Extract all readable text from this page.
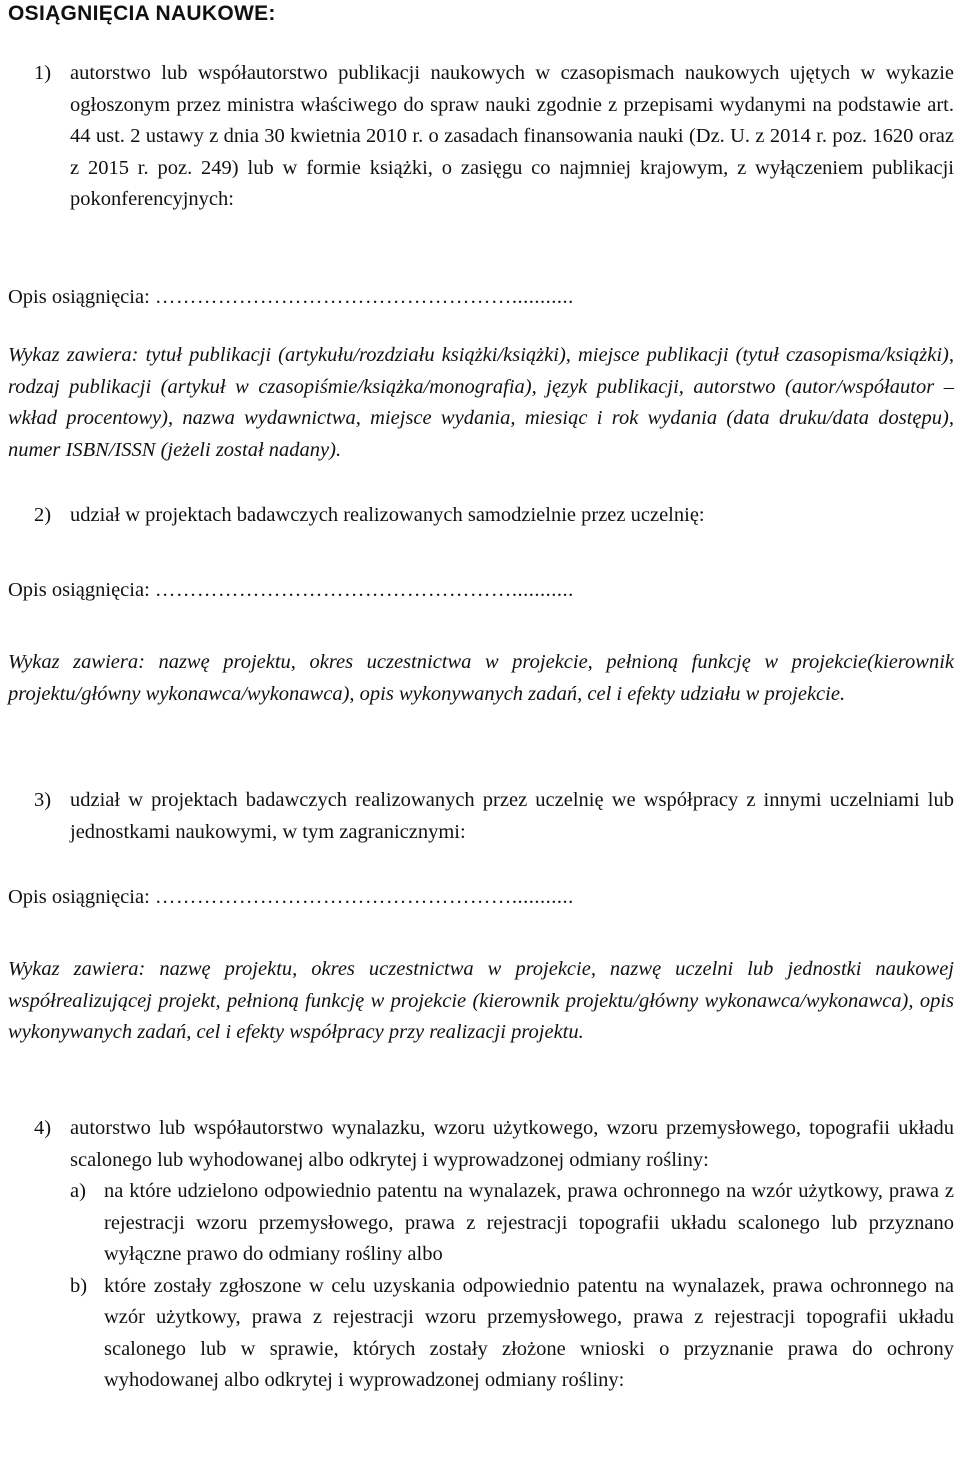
OSIĄGNIĘCIA NAUKOWE:
1) autorstwo lub współautorstwo publikacji naukowych w czasopismach naukowych ujętych w wykazie ogłoszonym przez ministra właściwego do spraw nauki zgodnie z przepisami wydanymi na podstawie art. 44 ust. 2 ustawy z dnia 30 kwietnia 2010 r. o zasadach finansowania nauki (Dz. U. z 2014 r. poz. 1620 oraz z 2015 r. poz. 249) lub w formie książki, o zasięgu co najmniej krajowym, z wyłączeniem publikacji pokonferencyjnych:
Opis osiągnięcia: ……………………………………………...........
Wykaz zawiera: tytuł publikacji (artykułu/rozdziału książki/książki), miejsce publikacji (tytuł czasopisma/książki), rodzaj publikacji (artykuł w czasopiśmie/książka/monografia), język publikacji, autorstwo (autor/współautor – wkład procentowy), nazwa wydawnictwa, miejsce wydania, miesiąc i rok wydania (data druku/data dostępu), numer ISBN/ISSN (jeżeli został nadany).
2) udział w projektach badawczych realizowanych samodzielnie przez uczelnię:
Opis osiągnięcia: ……………………………………………...........
Wykaz zawiera: nazwę projektu, okres uczestnictwa w projekcie, pełnioną funkcję w projekcie(kierownik projektu/główny wykonawca/wykonawca), opis wykonywanych zadań, cel i efekty udziału w projekcie.
3) udział w projektach badawczych realizowanych przez uczelnię we współpracy z innymi uczelniami lub jednostkami naukowymi, w tym zagranicznymi:
Opis osiągnięcia: ……………………………………………...........
Wykaz zawiera: nazwę projektu, okres uczestnictwa w projekcie, nazwę uczelni lub jednostki naukowej współrealizującej projekt, pełnioną funkcję w projekcie (kierownik projektu/główny wykonawca/wykonawca), opis wykonywanych zadań, cel i efekty współpracy przy realizacji projektu.
4) autorstwo lub współautorstwo wynalazku, wzoru użytkowego, wzoru przemysłowego, topografii układu scalonego lub wyhodowanej albo odkrytej i wyprowadzonej odmiany rośliny:
a) na które udzielono odpowiednio patentu na wynalazek, prawa ochronnego na wzór użytkowy, prawa z rejestracji wzoru przemysłowego, prawa z rejestracji topografii układu scalonego lub przyznano wyłączne prawo do odmiany rośliny albo
b) które zostały zgłoszone w celu uzyskania odpowiednio patentu na wynalazek, prawa ochronnego na wzór użytkowy, prawa z rejestracji wzoru przemysłowego, prawa z rejestracji topografii układu scalonego lub w sprawie, których zostały złożone wnioski o przyznanie prawa do ochrony wyhodowanej albo odkrytej i wyprowadzonej odmiany rośliny:
